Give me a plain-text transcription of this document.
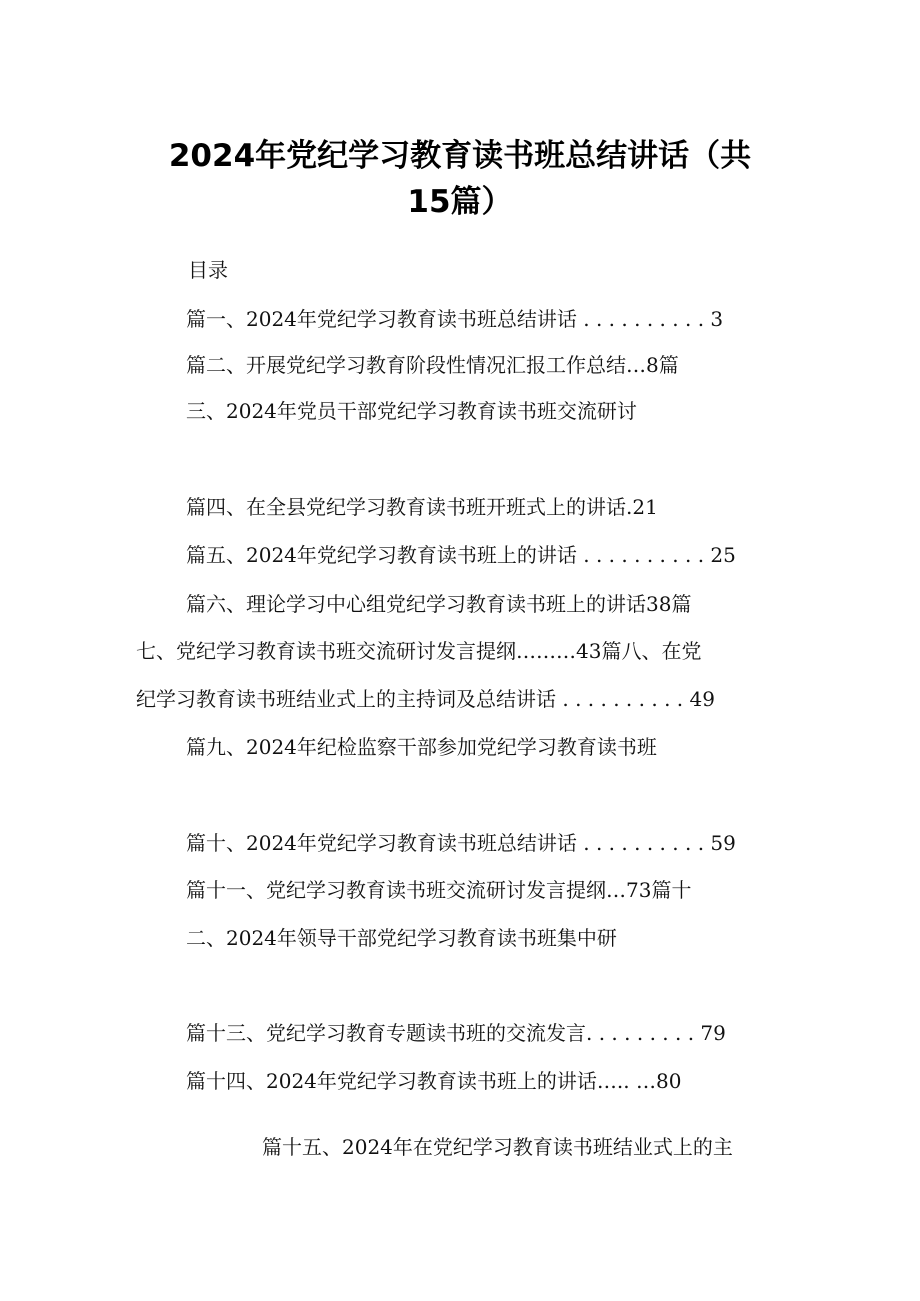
2024年党纪学习教育读书班总结讲话（共
15篇）
目录
篇一、2024年党纪学习教育读书班总结讲话 . . . . . . . . . . 3
篇二、开展党纪学习教育阶段性情况汇报工作总结…8篇
三、2024年党员干部党纪学习教育读书班交流研讨
篇四、在全县党纪学习教育读书班开班式上的讲话.21
篇五、2024年党纪学习教育读书班上的讲话 . . . . . . . . . . 25
篇六、理论学习中心组党纪学习教育读书班上的讲话38篇
七、党纪学习教育读书班交流研讨发言提纲………43篇八、在党
纪学习教育读书班结业式上的主持词及总结讲话 . . . . . . . . . . 49
篇九、2024年纪检监察干部参加党纪学习教育读书班
篇十、2024年党纪学习教育读书班总结讲话 . . . . . . . . . . 59
篇十一、党纪学习教育读书班交流研讨发言提纲…73篇十
二、2024年领导干部党纪学习教育读书班集中研
篇十三、党纪学习教育专题读书班的交流发言. . . . . . . . . 79
篇十四、2024年党纪学习教育读书班上的讲话….. …80
篇十五、2024年在党纪学习教育读书班结业式上的主
